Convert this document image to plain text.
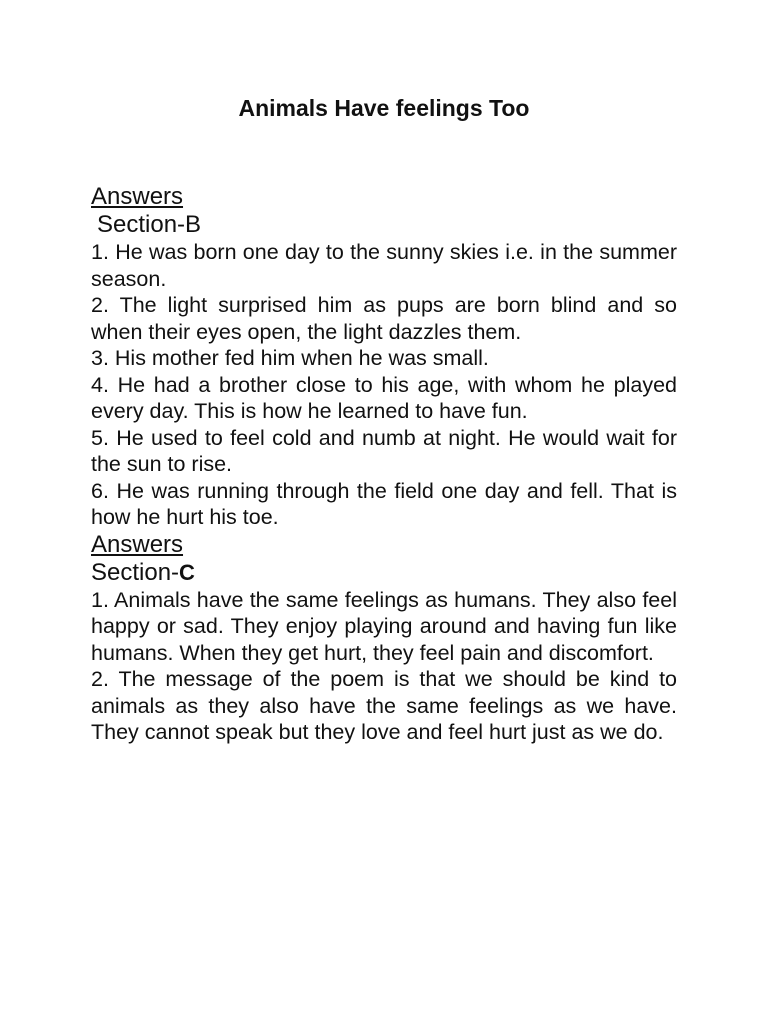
Animals Have feelings Too
Answers
Section-B
1. He was born one day to the sunny skies i.e. in the summer season.
2. The light surprised him as pups are born blind and so when their eyes open, the light dazzles them.
3. His mother fed him when he was small.
4. He had a brother close to his age, with whom he played every day. This is how he learned to have fun.
5. He used to feel cold and numb at night. He would wait for the sun to rise.
6. He was running through the field one day and fell. That is how he hurt his toe.
Answers
Section-C
1. Animals have the same feelings as humans. They also feel happy or sad. They enjoy playing around and having fun like humans. When they get hurt, they feel pain and discomfort.
2. The message of the poem is that we should be kind to animals as they also have the same feelings as we have. They cannot speak but they love and feel hurt just as we do.
